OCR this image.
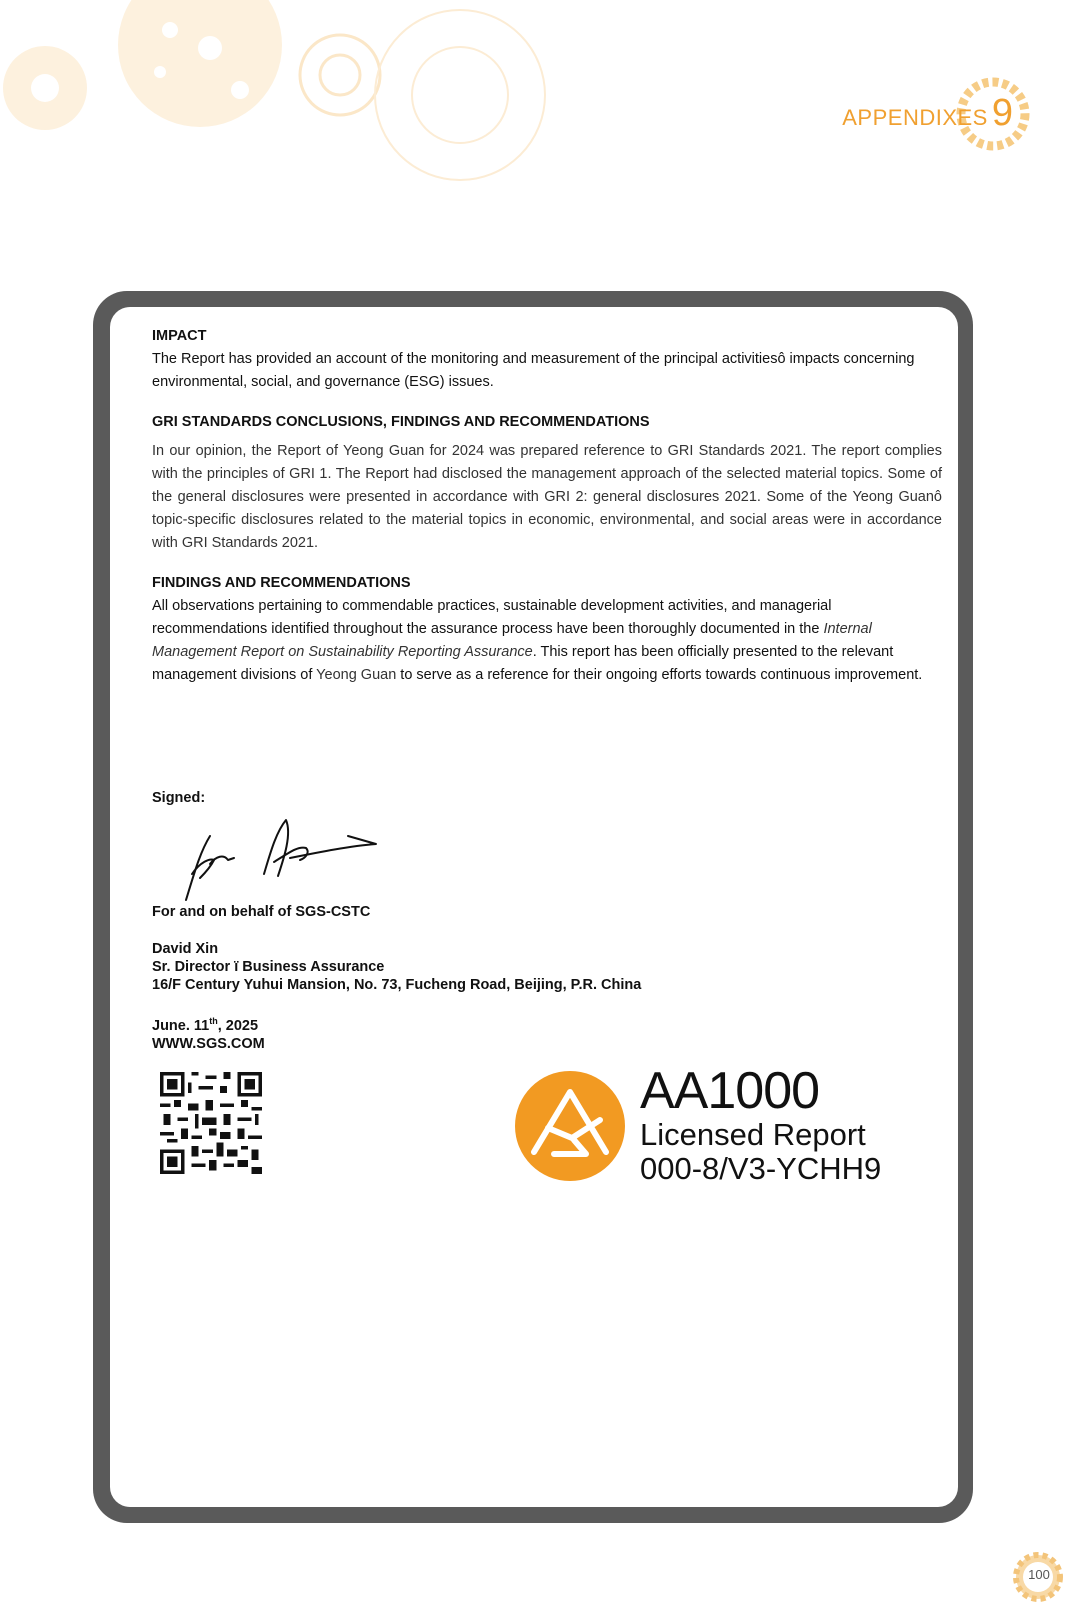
APPENDIXES 9

IMPACT

The Report has provided an account of the monitoring and measurement of the principal activitiesô impacts concerning environmental, social, and governance (ESG) issues.

GRI STANDARDS CONCLUSIONS, FINDINGS AND RECOMMENDATIONS

In our opinion, the Report of Yeong Guan for 2024 was prepared reference to GRI Standards 2021. The report complies with the principles of GRI 1. The Report had disclosed the management approach of the selected material topics. Some of the general disclosures were presented in accordance with GRI 2: general disclosures 2021. Some of the Yeong Guanô topic-specific disclosures related to the material topics in economic, environmental, and social areas were in accordance with GRI Standards 2021.

FINDINGS AND RECOMMENDATIONS

All observations pertaining to commendable practices, sustainable development activities, and managerial recommendations identified throughout the assurance process have been thoroughly documented in the Internal Management Report on Sustainability Reporting Assurance. This report has been officially presented to the relevant management divisions of Yeong Guan to serve as a reference for their ongoing efforts towards continuous improvement.

Signed:
For and on behalf of SGS-CSTC
David Xin
Sr. Director ï Business Assurance
16/F Century Yuhui Mansion, No. 73, Fucheng Road, Beijing, P.R. China
June. 11th, 2025
WWW.SGS.COM
AA1000
Licensed Report
000-8/V3-YCHH9
100
